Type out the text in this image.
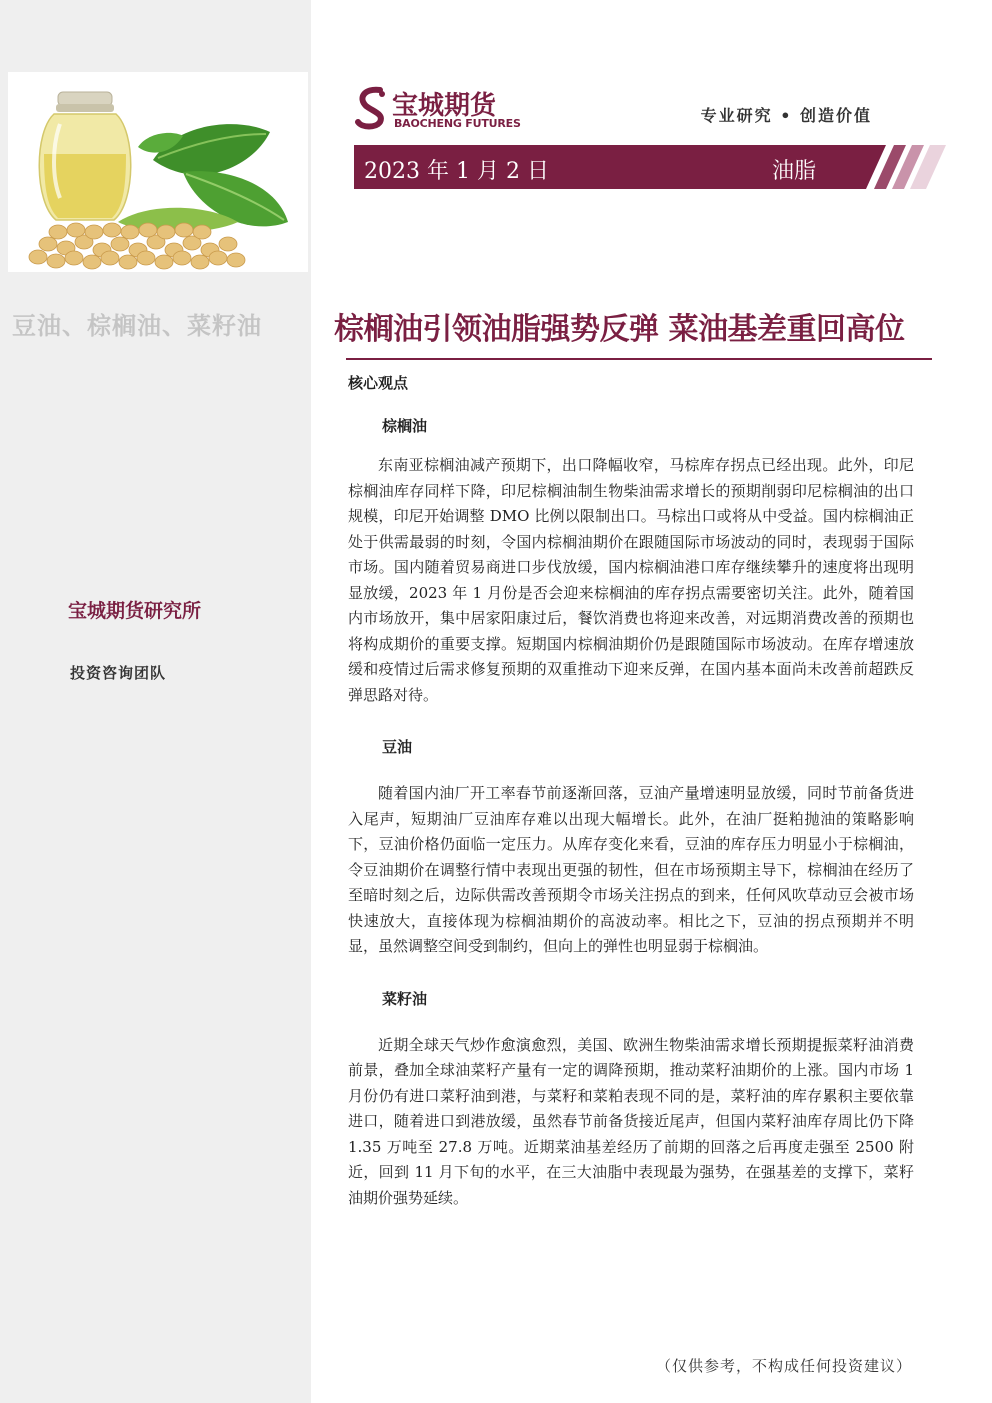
豆油、棕榈油、菜籽油
宝城期货研究所
投资咨询团队
宝城期货
BAOCHENG FUTURES	专业研究 • 创造价值
2023 年 1 月 2 日	油脂
棕榈油引领油脂强势反弹 菜油基差重回高位
核心观点
棕榈油

东南亚棕榈油减产预期下，出口降幅收窄，马棕库存拐点已经出现。此外，印尼棕榈油库存同样下降，印尼棕榈油制生物柴油需求增长的预期削弱印尼棕榈油的出口规模，印尼开始调整 DMO 比例以限制出口。马棕出口或将从中受益。国内棕榈油正处于供需最弱的时刻，令国内棕榈油期价在跟随国际市场波动的同时，表现弱于国际市场。国内随着贸易商进口步伐放缓，国内棕榈油港口库存继续攀升的速度将出现明显放缓，2023 年 1 月份是否会迎来棕榈油的库存拐点需要密切关注。此外，随着国内市场放开，集中居家阳康过后，餐饮消费也将迎来改善，对远期消费改善的预期也将构成期价的重要支撑。短期国内棕榈油期价仍是跟随国际市场波动。在库存增速放缓和疫情过后需求修复预期的双重推动下迎来反弹，在国内基本面尚未改善前超跌反弹思路对待。

豆油

随着国内油厂开工率春节前逐渐回落，豆油产量增速明显放缓，同时节前备货进入尾声，短期油厂豆油库存难以出现大幅增长。此外，在油厂挺粕抛油的策略影响下，豆油价格仍面临一定压力。从库存变化来看，豆油的库存压力明显小于棕榈油，令豆油期价在调整行情中表现出更强的韧性，但在市场预期主导下，棕榈油在经历了至暗时刻之后，边际供需改善预期令市场关注拐点的到来，任何风吹草动豆会被市场快速放大，直接体现为棕榈油期价的高波动率。相比之下，豆油的拐点预期并不明显，虽然调整空间受到制约，但向上的弹性也明显弱于棕榈油。

菜籽油

近期全球天气炒作愈演愈烈，美国、欧洲生物柴油需求增长预期提振菜籽油消费前景，叠加全球油菜籽产量有一定的调降预期，推动菜籽油期价的上涨。国内市场 1 月份仍有进口菜籽油到港，与菜籽和菜粕表现不同的是，菜籽油的库存累积主要依靠进口，随着进口到港放缓，虽然春节前备货接近尾声，但国内菜籽油库存周比仍下降 1.35 万吨至 27.8 万吨。近期菜油基差经历了前期的回落之后再度走强至 2500 附近，回到 11 月下旬的水平，在三大油脂中表现最为强势，在强基差的支撑下，菜籽油期价强势延续。

（仅供参考，不构成任何投资建议）
